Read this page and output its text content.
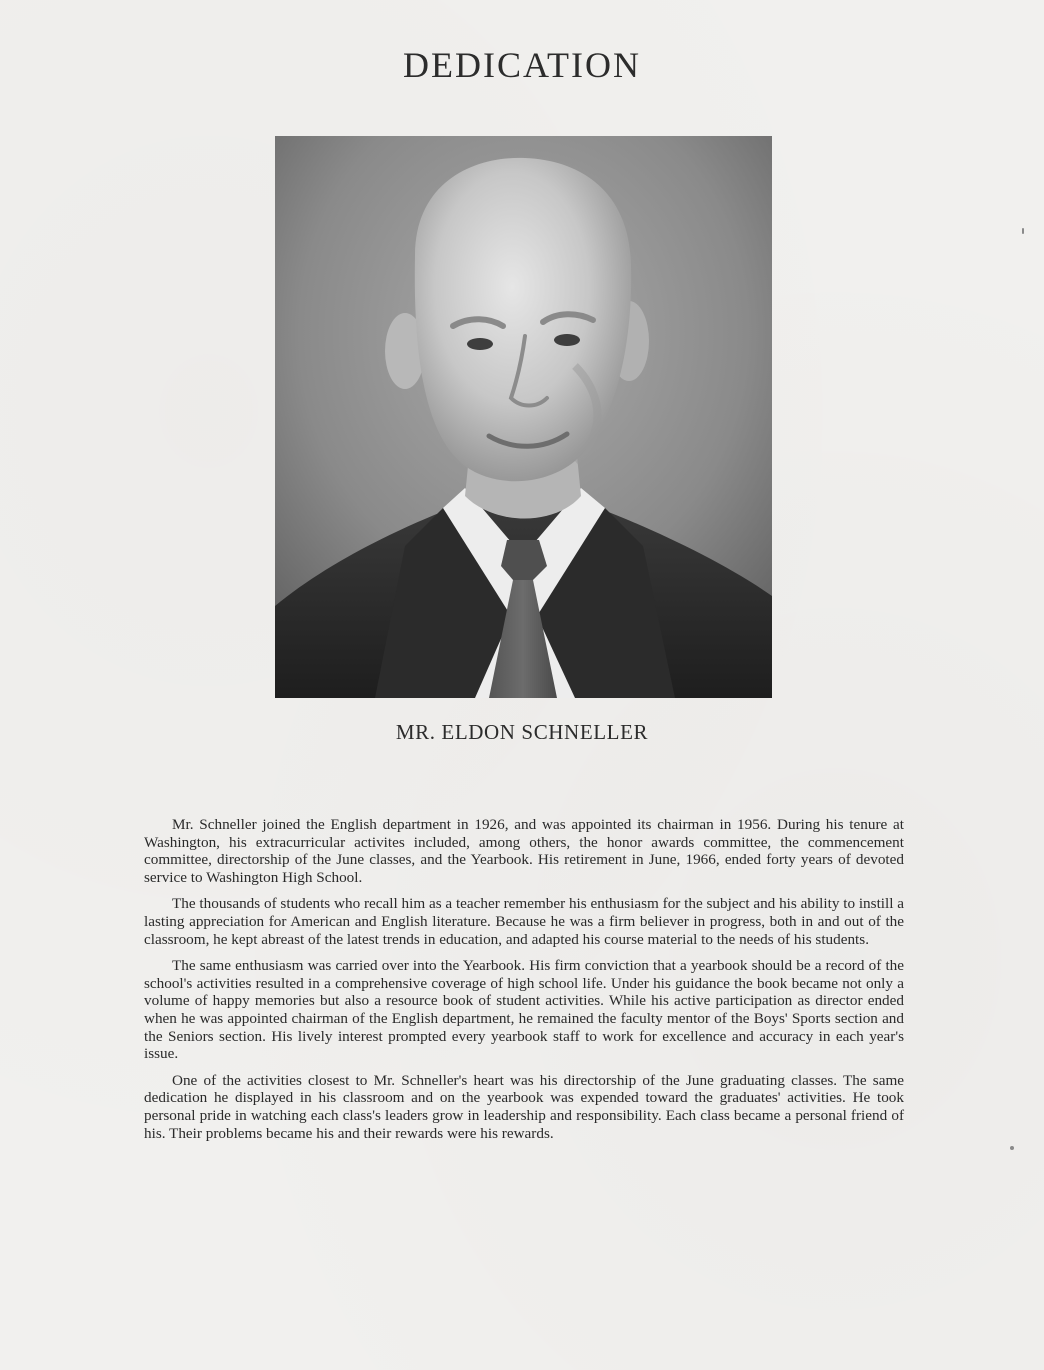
DEDICATION
MR. ELDON SCHNELLER

Mr. Schneller joined the English department in 1926, and was appointed its chairman in 1956. During his tenure at Washington, his extracurricular activites included, among others, the honor awards committee, the commencement committee, directorship of the June classes, and the Yearbook. His retirement in June, 1966, ended forty years of devoted service to Washington High School.

The thousands of students who recall him as a teacher remember his enthusiasm for the subject and his ability to instill a lasting appreciation for American and English literature. Because he was a firm believer in progress, both in and out of the classroom, he kept abreast of the latest trends in education, and adapted his course material to the needs of his students.

The same enthusiasm was carried over into the Yearbook. His firm conviction that a yearbook should be a record of the school's activities resulted in a comprehensive coverage of high school life. Under his guidance the book became not only a volume of happy memories but also a resource book of student activities. While his active participation as director ended when he was appointed chairman of the English department, he remained the faculty mentor of the Boys' Sports section and the Seniors section. His lively interest prompted every yearbook staff to work for excellence and accuracy in each year's issue.

One of the activities closest to Mr. Schneller's heart was his directorship of the June graduating classes. The same dedication he displayed in his classroom and on the yearbook was expended toward the graduates' activities. He took personal pride in watching each class's leaders grow in leadership and responsibility. Each class became a personal friend of his. Their problems became his and their rewards were his rewards.
